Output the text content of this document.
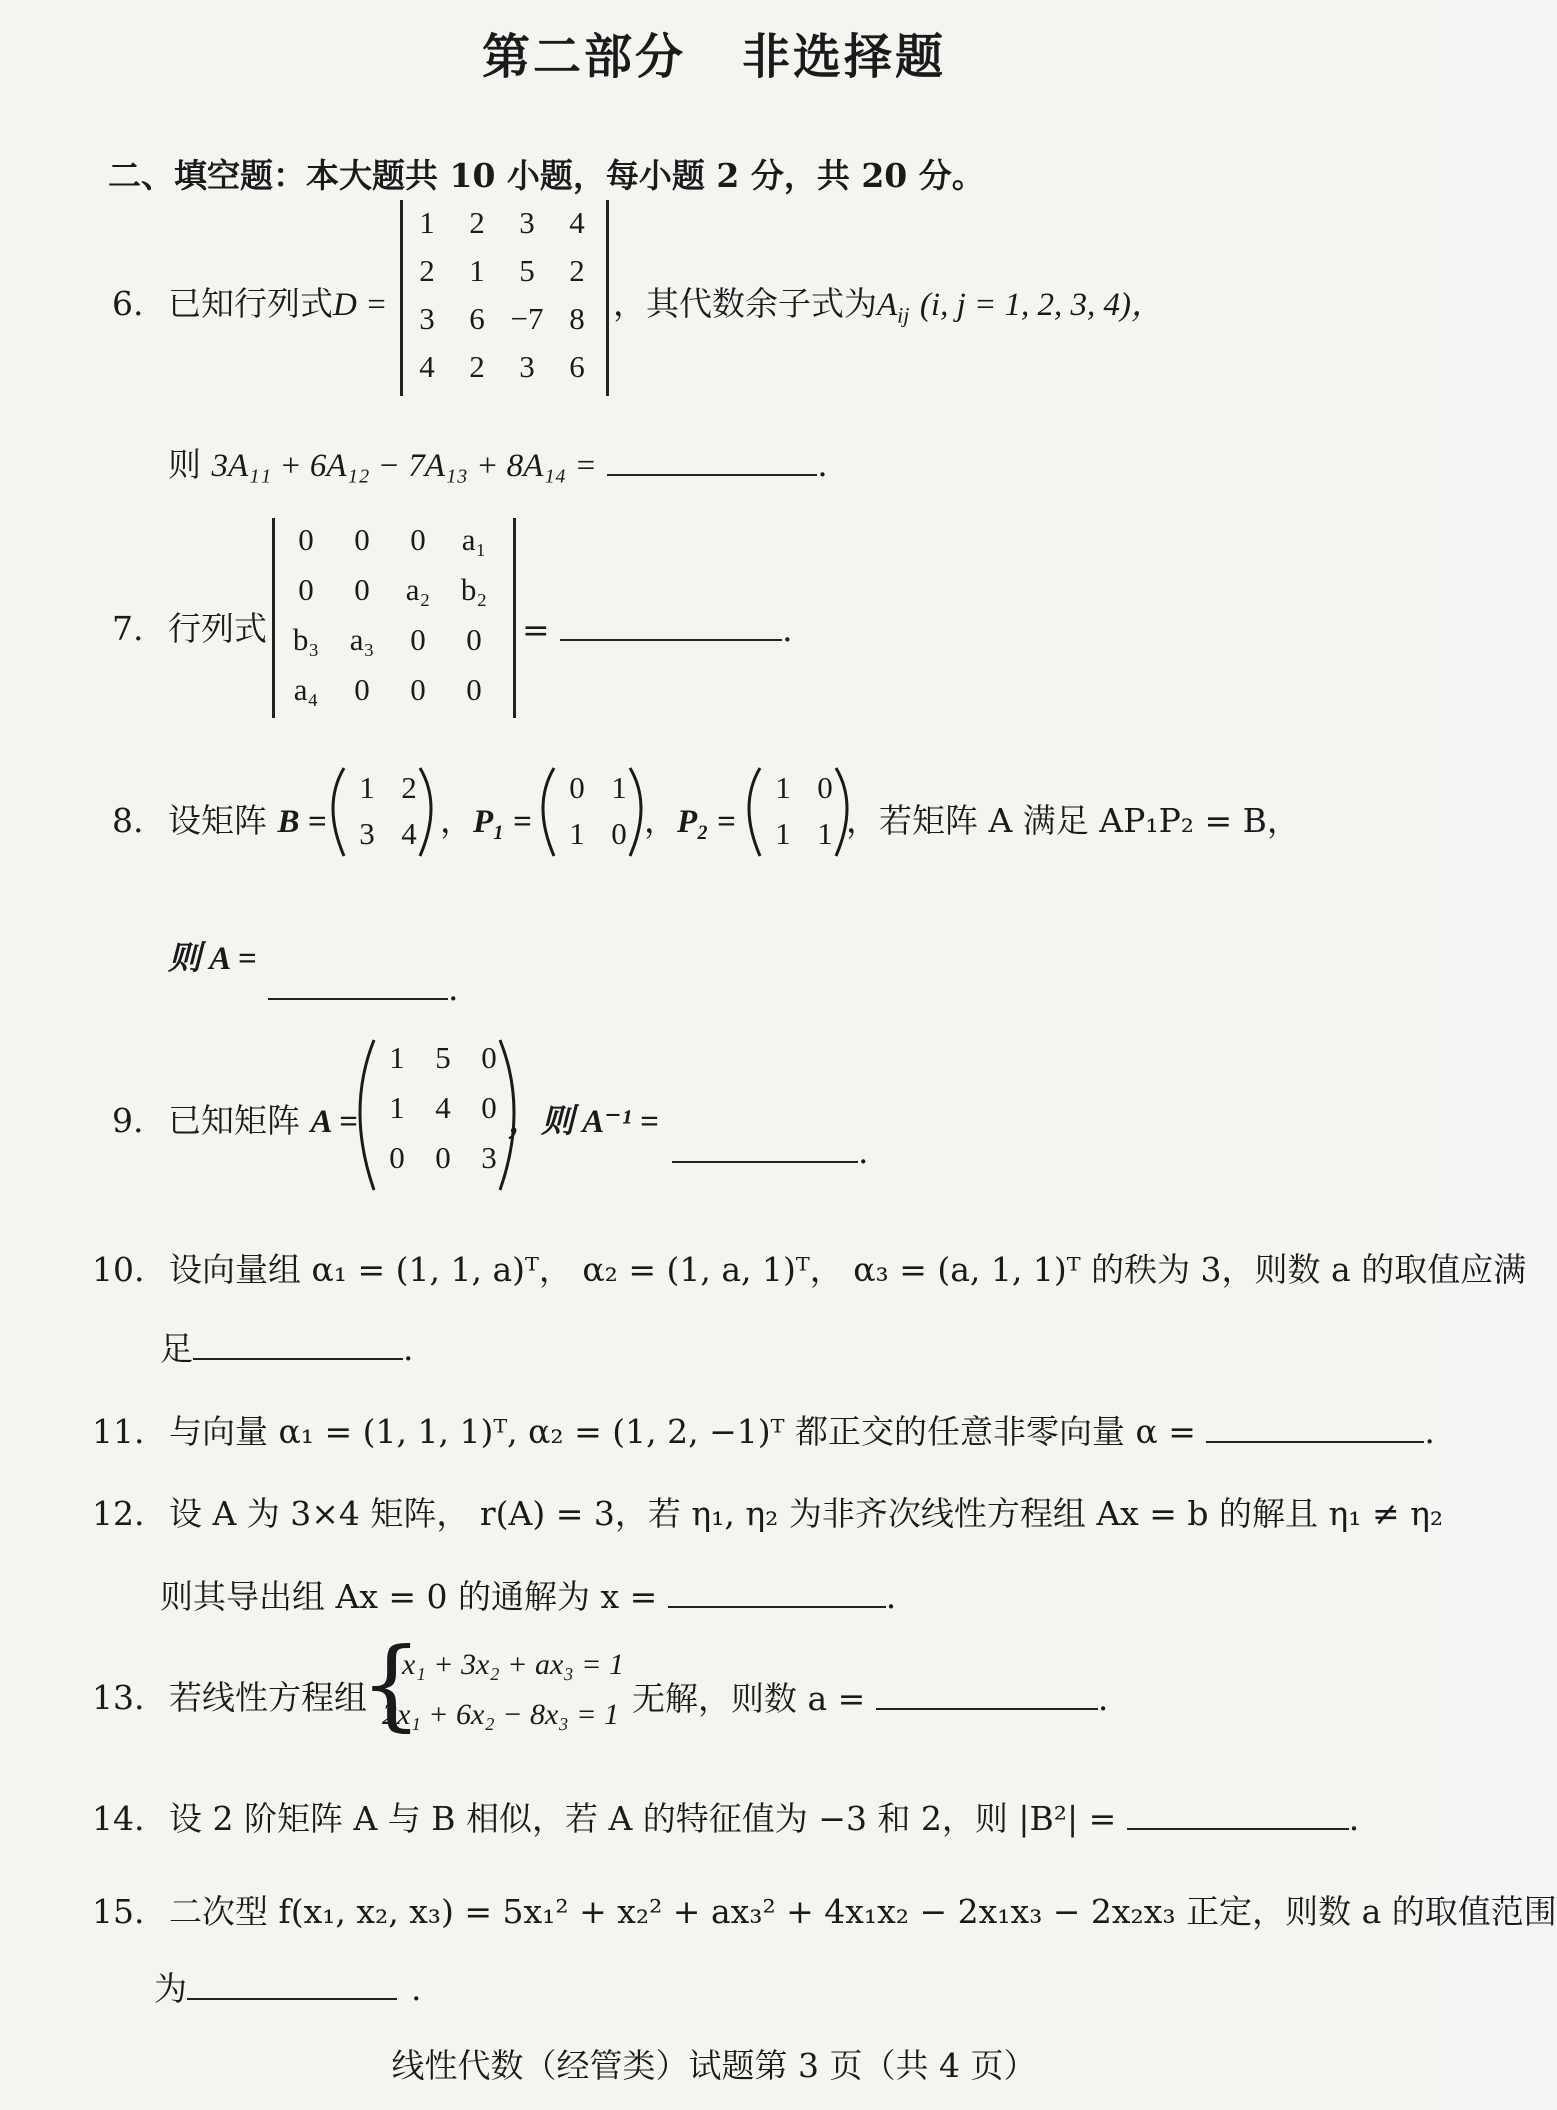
第二部分 非选择题
二、填空题：本大题共 10 小题，每小题 2 分，共 20 分。
6. 已知行列式D =
1	2	3	4
2	1	5	2
3	6 −7 8
4	2	3	6
，其代数余子式为$A_{ij}$ (i, j = 1, 2, 3, 4)，
则 3A₁₁ + 6A₁₂ − 7A₁₃ + 8A₁₄ =	.
7. 行列式
0	0	0	a₁
0	0	a₂ b₂
b₃ a₃	0	0
a₄	0	0	0
=	.
8. 设矩阵 B =
1 2
3 4 ，P₁ =
0 1
1 0 ，P₂ =
1 0
1 1 ，若矩阵 A 满足 AP₁P₂ = B，
则 A =
.
9. 已知矩阵 A =
1 5 0
1 4 0
0 0 3
，则 A⁻¹ =
.
10. 设向量组 α₁ = (1, 1, a)ᵀ， α₂ = (1, a, 1)ᵀ， α₃ = (a, 1, 1)ᵀ 的秩为 3，则数 a 的取值应满
足	.
11. 与向量 α₁ = (1, 1, 1)ᵀ, α₂ = (1, 2, −1)ᵀ 都正交的任意非零向量 α =	.
12. 设 A 为 3×4 矩阵， r(A) = 3，若 η₁, η₂ 为非齐次线性方程组 Ax = b 的解且 η₁ ≠ η₂
则其导出组 Ax = 0 的通解为 x =	.
13. 若线性方程组
{
x₁ + 3x₂ + ax₃ = 1
2x₁ + 6x₂ − 8x₃ = 1 无解，则数 a =	.
14. 设 2 阶矩阵 A 与 B 相似，若 A 的特征值为 −3 和 2，则 |B²| =	.
15. 二次型 f(x₁, x₂, x₃) = 5x₁² + x₂² + ax₃² + 4x₁x₂ − 2x₁x₃ − 2x₂x₃ 正定，则数 a 的取值范围
为	.
线性代数（经管类）试题第 3 页（共 4 页）
